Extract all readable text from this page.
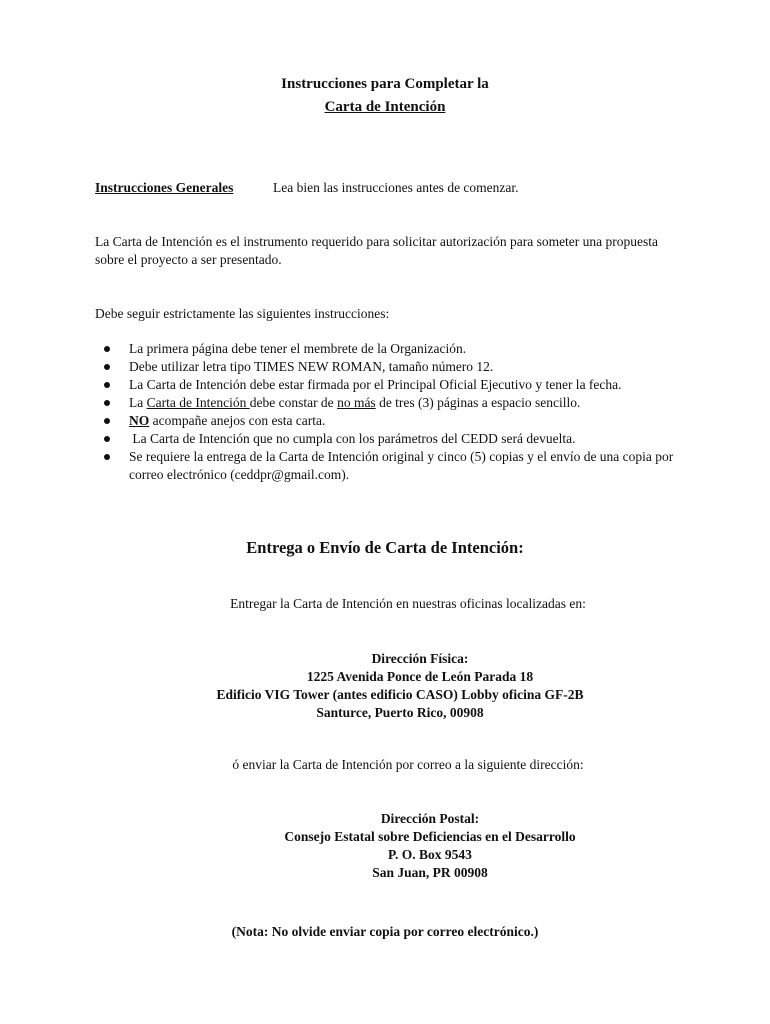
Instrucciones para Completar la
Carta de Intención
Instrucciones Generales	Lea bien las instrucciones antes de comenzar.
La Carta de Intención es el instrumento requerido para solicitar autorización para someter una propuesta sobre el proyecto a ser presentado.
Debe seguir estrictamente las siguientes instrucciones:
La primera página debe tener el membrete de la Organización.
Debe utilizar letra tipo TIMES NEW ROMAN, tamaño número 12.
La Carta de Intención debe estar firmada por el Principal Oficial Ejecutivo y tener la fecha.
La Carta de Intención debe constar de no más de tres (3) páginas a espacio sencillo.
NO acompañe anejos con esta carta.
La Carta de Intención que no cumpla con los parámetros del CEDD será devuelta.
Se requiere la entrega de la Carta de Intención original y cinco (5) copias y el envío de una copia por correo electrónico (ceddpr@gmail.com).
Entrega o Envío de Carta de Intención:
Entregar la Carta de Intención en nuestras oficinas localizadas en:
Dirección Física:
1225 Avenida Ponce de León Parada 18
Edificio VIG Tower (antes edificio CASO) Lobby oficina GF-2B
Santurce, Puerto Rico, 00908
ó enviar la Carta de Intención por correo a la siguiente dirección:
Dirección Postal:
Consejo Estatal sobre Deficiencias en el Desarrollo
P. O. Box 9543
San Juan, PR 00908
(Nota: No olvide enviar copia por correo electrónico.)
